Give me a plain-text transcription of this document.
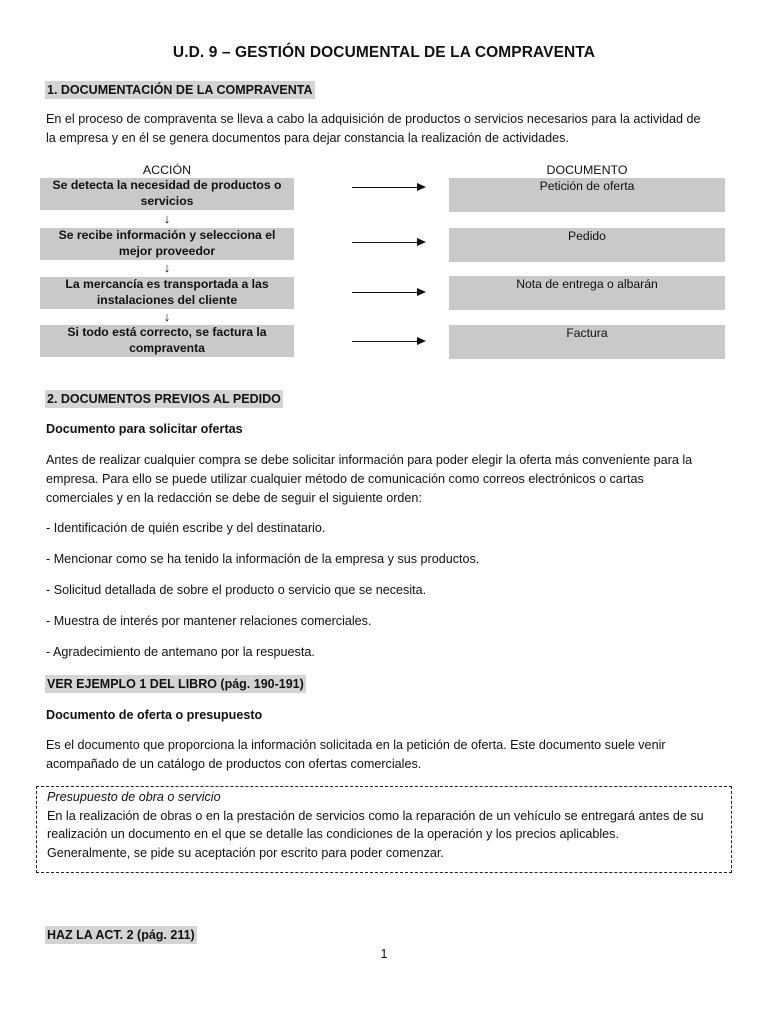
U.D. 9 – GESTIÓN DOCUMENTAL DE LA COMPRAVENTA
1. DOCUMENTACIÓN DE LA COMPRAVENTA
En el proceso de compraventa se lleva a cabo la adquisición de productos o servicios necesarios para la actividad de
la empresa y en él se genera documentos para dejar constancia la realización de actividades.
ACCIÓN	DOCUMENTO
Se detecta la necesidad de productos o
servicios
Petición de oferta
↓
Se recibe información y selecciona el
mejor proveedor
Pedido
↓
La mercancía es transportada a las
instalaciones del cliente
Nota de entrega o albarán
↓
Si todo está correcto, se factura la
compraventa
Factura
2. DOCUMENTOS PREVIOS AL PEDIDO
Documento para solicitar ofertas
Antes de realizar cualquier compra se debe solicitar información para poder elegir la oferta más conveniente para la
empresa. Para ello se puede utilizar cualquier método de comunicación como correos electrónicos o cartas
comerciales y en la redacción se debe de seguir el siguiente orden:
- Identificación de quién escribe y del destinatario.
- Mencionar como se ha tenido la información de la empresa y sus productos.
- Solicitud detallada de sobre el producto o servicio que se necesita.
- Muestra de interés por mantener relaciones comerciales.
- Agradecimiento de antemano por la respuesta.
VER EJEMPLO 1 DEL LIBRO (pág. 190-191)
Documento de oferta o presupuesto
Es el documento que proporciona la información solicitada en la petición de oferta. Este documento suele venir
acompañado de un catálogo de productos con ofertas comerciales.
Presupuesto de obra o servicio
En la realización de obras o en la prestación de servicios como la reparación de un vehículo se entregará antes de su
realización un documento en el que se detalle las condiciones de la operación y los precios aplicables.
Generalmente, se pide su aceptación por escrito para poder comenzar.
HAZ LA ACT. 2 (pág. 211)
1
